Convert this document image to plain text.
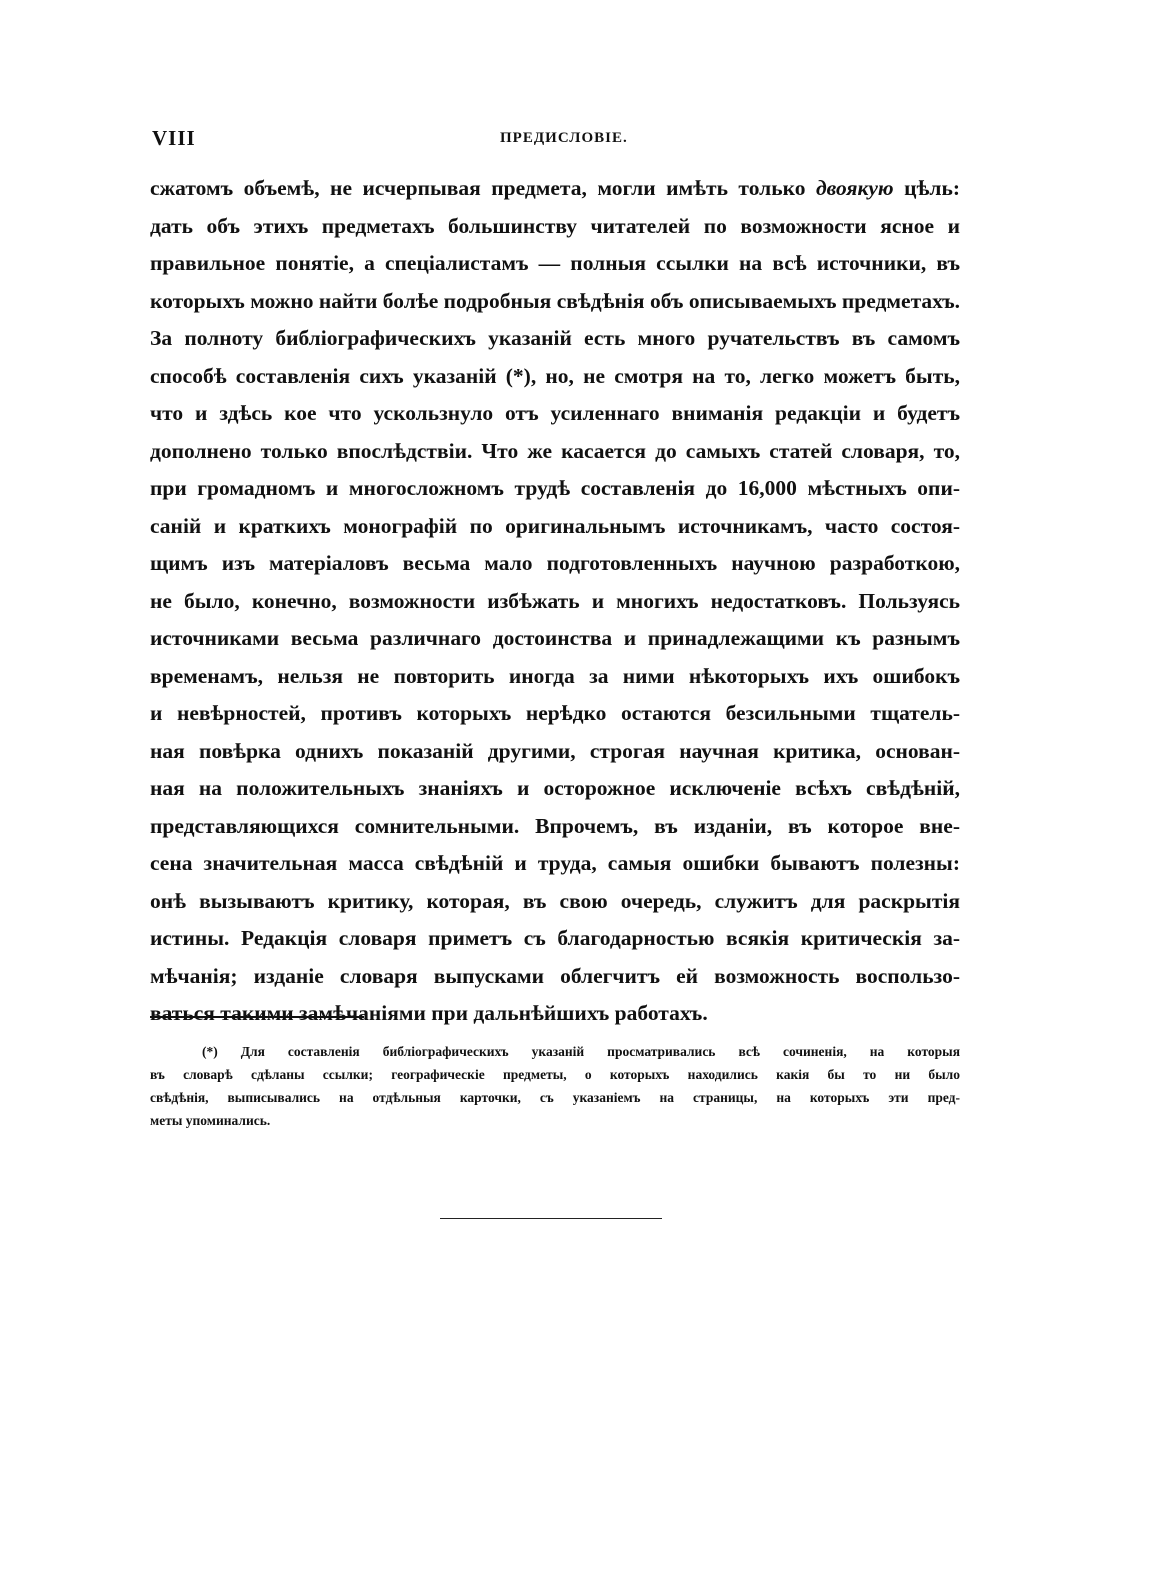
VIII	ПРЕДИСЛОВІЕ.
сжатомъ объемѣ, не исчерпывая предмета, могли имѣть только двоякую цѣль:
дать объ этихъ предметахъ большинству читателей по возможности ясное и
правильное понятіе, а спеціалистамъ — полныя ссылки на всѣ источники, въ
которыхъ можно найти болѣе подробныя свѣдѣнія объ описываемыхъ предметахъ.
За полноту библіографическихъ указаній есть много ручательствъ въ самомъ
способѣ составленія сихъ указаній (*), но, не смотря на то, легко можетъ быть,
что и здѣсь кое что ускользнуло отъ усиленнаго вниманія редакціи и будетъ
дополнено только впослѣдствіи. Что же касается до самыхъ статей словаря, то,
при громадномъ и многосложномъ трудѣ составленія до 16,000 мѣстныхъ опи-
саній и краткихъ монографій по оригинальнымъ источникамъ, часто состоя-
щимъ изъ матеріаловъ весьма мало подготовленныхъ научною разработкою,
не было, конечно, возможности избѣжать и многихъ недостатковъ. Пользуясь
источниками весьма различнаго достоинства и принадлежащими къ разнымъ
временамъ, нельзя не повторить иногда за ними нѣкоторыхъ ихъ ошибокъ
и невѣрностей, противъ которыхъ нерѣдко остаются безсильными тщатель-
ная повѣрка однихъ показаній другими, строгая научная критика, основан-
ная на положительныхъ знаніяхъ и осторожное исключеніе всѣхъ свѣдѣній,
представляющихся сомнительными. Впрочемъ, въ изданіи, въ которое вне-
сена значительная масса свѣдѣній и труда, самыя ошибки бываютъ полезны:
онѣ вызываютъ критику, которая, въ свою очередь, служитъ для раскрытія
истины. Редакція словаря приметъ съ благодарностью всякія критическія за-
мѣчанія; изданіе словаря выпусками облегчитъ ей возможность воспользо-
ваться такими замѣчаніями при дальнѣйшихъ работахъ.
(*) Для составленія библіографическихъ указаній просматривались всѣ сочиненія, на которыя
въ словарѣ сдѣланы ссылки; географическіе предметы, о которыхъ находились какія бы то ни было
свѣдѣнія, выписывались на отдѣльныя карточки, съ указаніемъ на страницы, на которыхъ эти пред-
меты упоминались.
